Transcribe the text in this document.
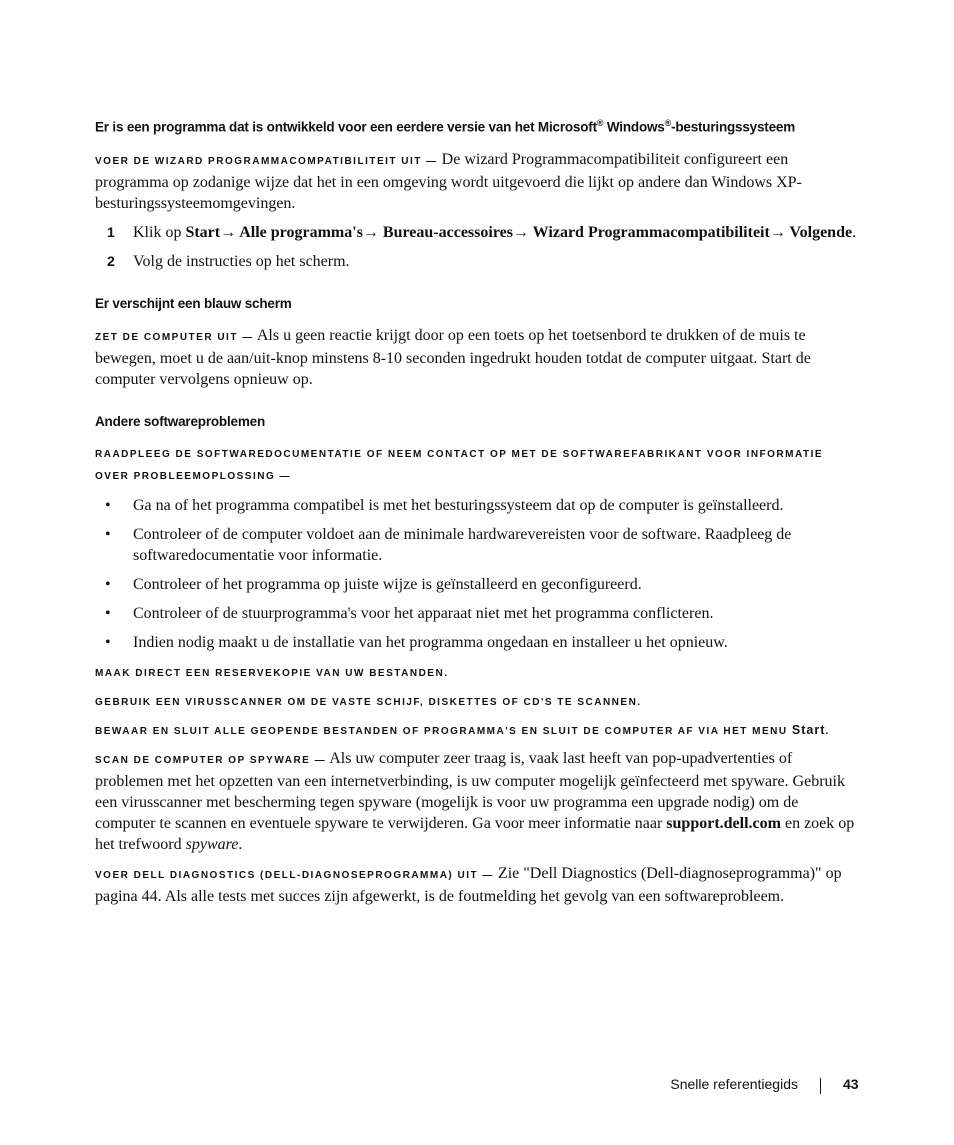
Er is een programma dat is ontwikkeld voor een eerdere versie van het Microsoft® Windows®-besturingssysteem

VOER DE WIZARD PROGRAMMACOMPATIBILITEIT UIT — De wizard Programmacompatibiliteit configureert een programma op zodanige wijze dat het in een omgeving wordt uitgevoerd die lijkt op andere dan Windows XP-besturingssysteemomgevingen.

1	Klik op Start→ Alle programma's→ Bureau-accessoires→ Wizard Programmacompatibiliteit→ Volgende.
2	Volg de instructies op het scherm.
Er verschijnt een blauw scherm

ZET DE COMPUTER UIT — Als u geen reactie krijgt door op een toets op het toetsenbord te drukken of de muis te bewegen, moet u de aan/uit-knop minstens 8-10 seconden ingedrukt houden totdat de computer uitgaat. Start de computer vervolgens opnieuw op.

Andere softwareproblemen

RAADPLEEG DE SOFTWAREDOCUMENTATIE OF NEEM CONTACT OP MET DE SOFTWAREFABRIKANT VOOR INFORMATIE OVER PROBLEEMOPLOSSING —

•	Ga na of het programma compatibel is met het besturingssysteem dat op de computer is geïnstalleerd.
•	Controleer of de computer voldoet aan de minimale hardwarevereisten voor de software. Raadpleeg de softwaredocumentatie voor informatie.
•	Controleer of het programma op juiste wijze is geïnstalleerd en geconfigureerd.
•	Controleer of de stuurprogramma's voor het apparaat niet met het programma conflicteren.
•	Indien nodig maakt u de installatie van het programma ongedaan en installeer u het opnieuw.

MAAK DIRECT EEN RESERVEKOPIE VAN UW BESTANDEN.

GEBRUIK EEN VIRUSSCANNER OM DE VASTE SCHIJF, DISKETTES OF CD'S TE SCANNEN.

BEWAAR EN SLUIT ALLE GEOPENDE BESTANDEN OF PROGRAMMA'S EN SLUIT DE COMPUTER AF VIA HET MENU Start.

SCAN DE COMPUTER OP SPYWARE — Als uw computer zeer traag is, vaak last heeft van pop-upadvertenties of problemen met het opzetten van een internetverbinding, is uw computer mogelijk geïnfecteerd met spyware. Gebruik een virusscanner met bescherming tegen spyware (mogelijk is voor uw programma een upgrade nodig) om de computer te scannen en eventuele spyware te verwijderen. Ga voor meer informatie naar support.dell.com en zoek op het trefwoord spyware.

VOER DELL DIAGNOSTICS (DELL-DIAGNOSEPROGRAMMA) UIT — Zie "Dell Diagnostics (Dell-diagnoseprogramma)" op pagina 44. Als alle tests met succes zijn afgewerkt, is de foutmelding het gevolg van een softwareprobleem.

Snelle referentiegids	43
